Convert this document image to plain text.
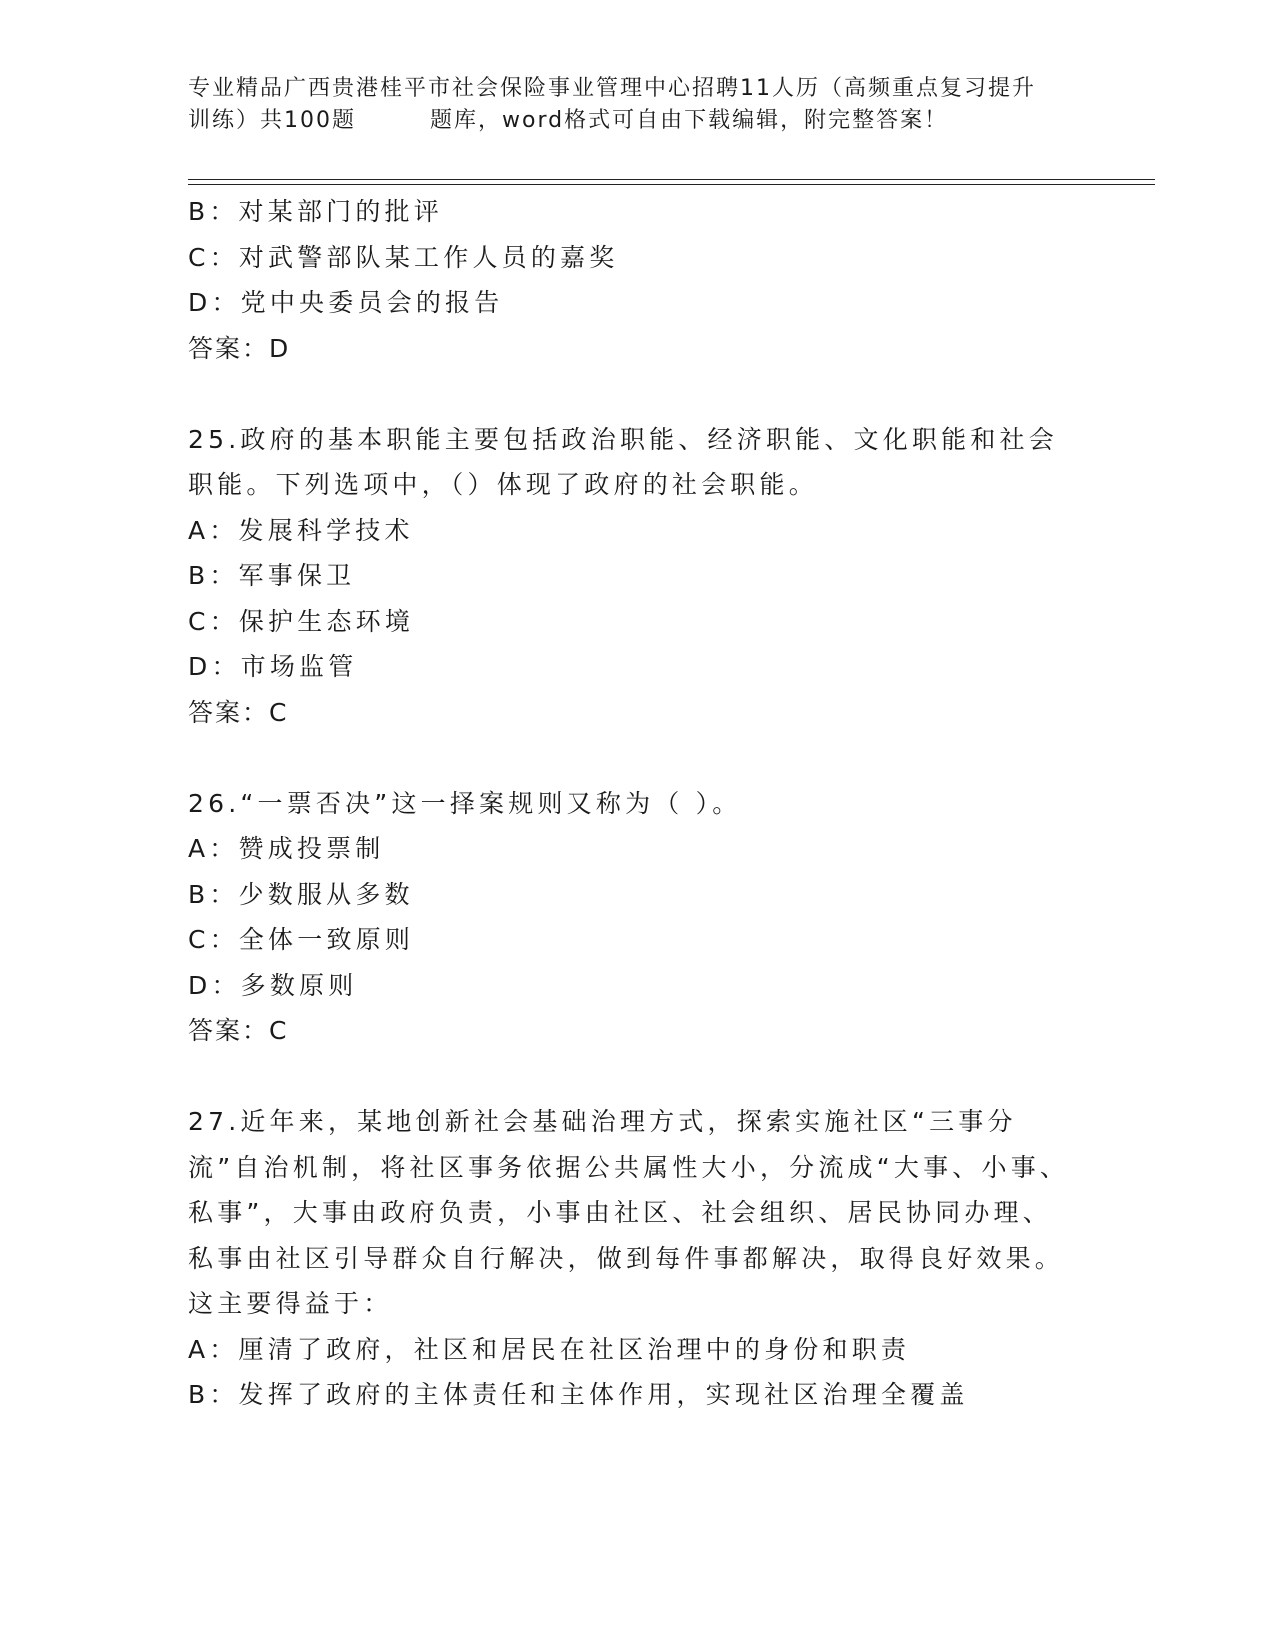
专业精品广西贵港桂平市社会保险事业管理中心招聘11人历（高频重点复习提升
训练）共100题	题库，word格式可自由下载编辑，附完整答案！
B：对某部门的批评
C：对武警部队某工作人员的嘉奖
D：党中央委员会的报告
答案：D
25.政府的基本职能主要包括政治职能、经济职能、文化职能和社会职能。下列选项中，（）体现了政府的社会职能。
A：发展科学技术
B：军事保卫
C：保护生态环境
D：市场监管
答案：C
26.“一票否决”这一择案规则又称为（ ）。
A：赞成投票制
B：少数服从多数
C：全体一致原则
D：多数原则
答案：C
27.近年来，某地创新社会基础治理方式，探索实施社区“三事分流”自治机制，将社区事务依据公共属性大小，分流成“大事、小事、私事”，大事由政府负责，小事由社区、社会组织、居民协同办理、私事由社区引导群众自行解决，做到每件事都解决，取得良好效果。这主要得益于：
A：厘清了政府，社区和居民在社区治理中的身份和职责
B：发挥了政府的主体责任和主体作用，实现社区治理全覆盖
